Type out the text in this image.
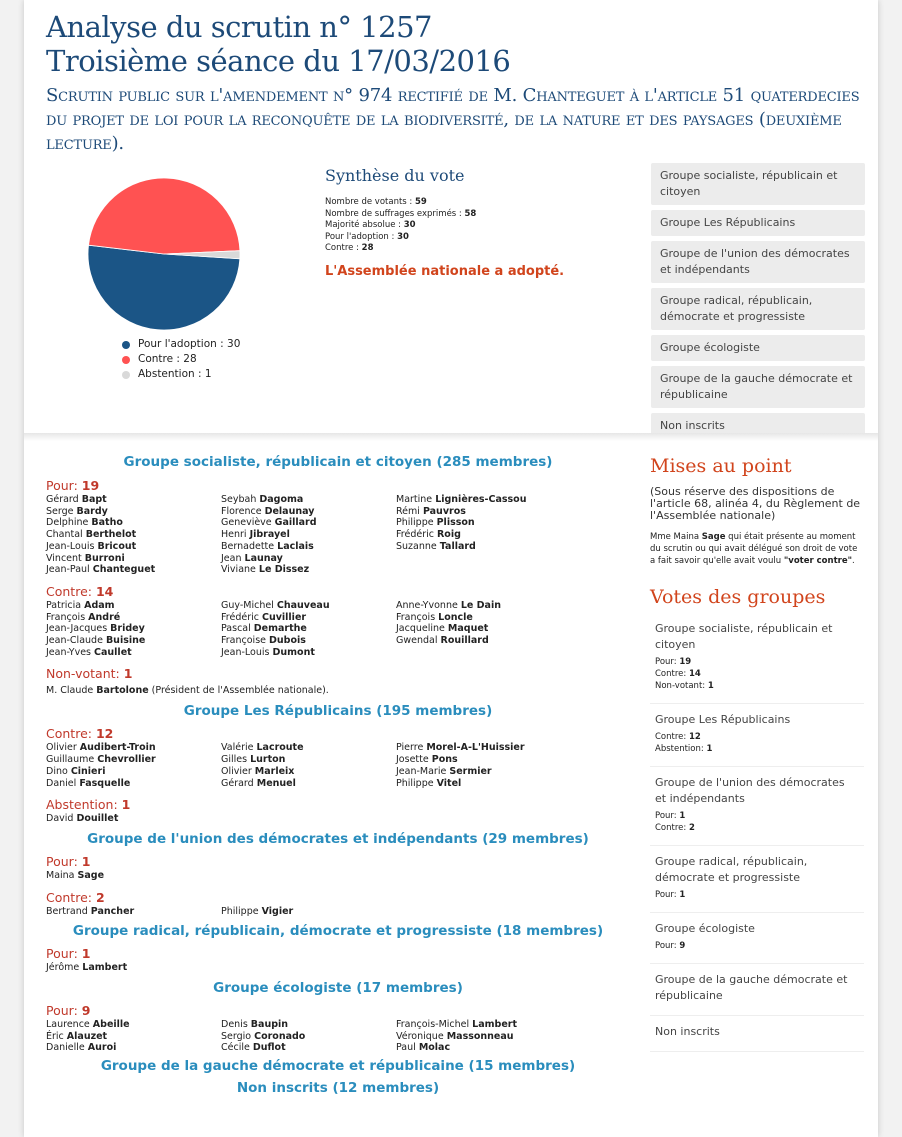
Analyse du scrutin n° 1257
Troisième séance du 17/03/2016
Scrutin public sur l'amendement n° 974 rectifié de M. Chanteguet à l'article 51 quaterdecies du projet de loi pour la reconquête de la biodiversité, de la nature et des paysages (deuxième lecture).
Pour l'adoption : 30
Contre : 28
Abstention : 1
Synthèse du vote
Nombre de votants : 59
Nombre de suffrages exprimés : 58
Majorité absolue : 30
Pour l'adoption : 30
Contre : 28
L'Assemblée nationale a adopté.
Groupe socialiste, républicain et citoyen
Groupe Les Républicains
Groupe de l'union des démocrates et indépendants
Groupe radical, républicain, démocrate et progressiste
Groupe écologiste
Groupe de la gauche démocrate et républicaine
Non inscrits
Groupe socialiste, républicain et citoyen (285 membres)
Pour: 19
Gérard Bapt	Seybah Dagoma	Martine Lignières-Cassou
Serge Bardy	Florence Delaunay	Rémi Pauvros
Delphine Batho	Geneviève Gaillard	Philippe Plisson
Chantal Berthelot	Henri Jibrayel	Frédéric Roig
Jean-Louis Bricout	Bernadette Laclais	Suzanne Tallard
Vincent Burroni	Jean Launay
Jean-Paul Chanteguet	Viviane Le Dissez
Contre: 14
Patricia Adam	Guy-Michel Chauveau	Anne-Yvonne Le Dain
François André	Frédéric Cuvillier	François Loncle
Jean-Jacques Bridey	Pascal Demarthe	Jacqueline Maquet
Jean-Claude Buisine	Françoise Dubois	Gwendal Rouillard
Jean-Yves Caullet	Jean-Louis Dumont
Non-votant: 1
M. Claude Bartolone (Président de l'Assemblée nationale).
Groupe Les Républicains (195 membres)
Contre: 12
Olivier Audibert-Troin	Valérie Lacroute	Pierre Morel-A-L'Huissier
Guillaume Chevrollier	Gilles Lurton	Josette Pons
Dino Cinieri	Olivier Marleix	Jean-Marie Sermier
Daniel Fasquelle	Gérard Menuel	Philippe Vitel
Abstention: 1
David Douillet
Groupe de l'union des démocrates et indépendants (29 membres)
Pour: 1
Maina Sage
Contre: 2
Bertrand Pancher	Philippe Vigier
Groupe radical, républicain, démocrate et progressiste (18 membres)
Pour: 1
Jérôme Lambert
Groupe écologiste (17 membres)
Pour: 9
Laurence Abeille	Denis Baupin	François-Michel Lambert
Éric Alauzet	Sergio Coronado	Véronique Massonneau
Danielle Auroi	Cécile Duflot	Paul Molac
Groupe de la gauche démocrate et républicaine (15 membres)
Non inscrits (12 membres)
Mises au point
(Sous réserve des dispositions de l'article 68, alinéa 4, du Règlement de l'Assemblée nationale)
Mme Maina Sage qui était présente au moment du scrutin ou qui avait délégué son droit de vote a fait savoir qu'elle avait voulu "voter contre".
Votes des groupes
Groupe socialiste, républicain et citoyen
Pour: 19
Contre: 14
Non-votant: 1
Groupe Les Républicains
Contre: 12
Abstention: 1
Groupe de l'union des démocrates et indépendants
Pour: 1
Contre: 2
Groupe radical, républicain, démocrate et progressiste
Pour: 1
Groupe écologiste
Pour: 9
Groupe de la gauche démocrate et républicaine
Non inscrits
